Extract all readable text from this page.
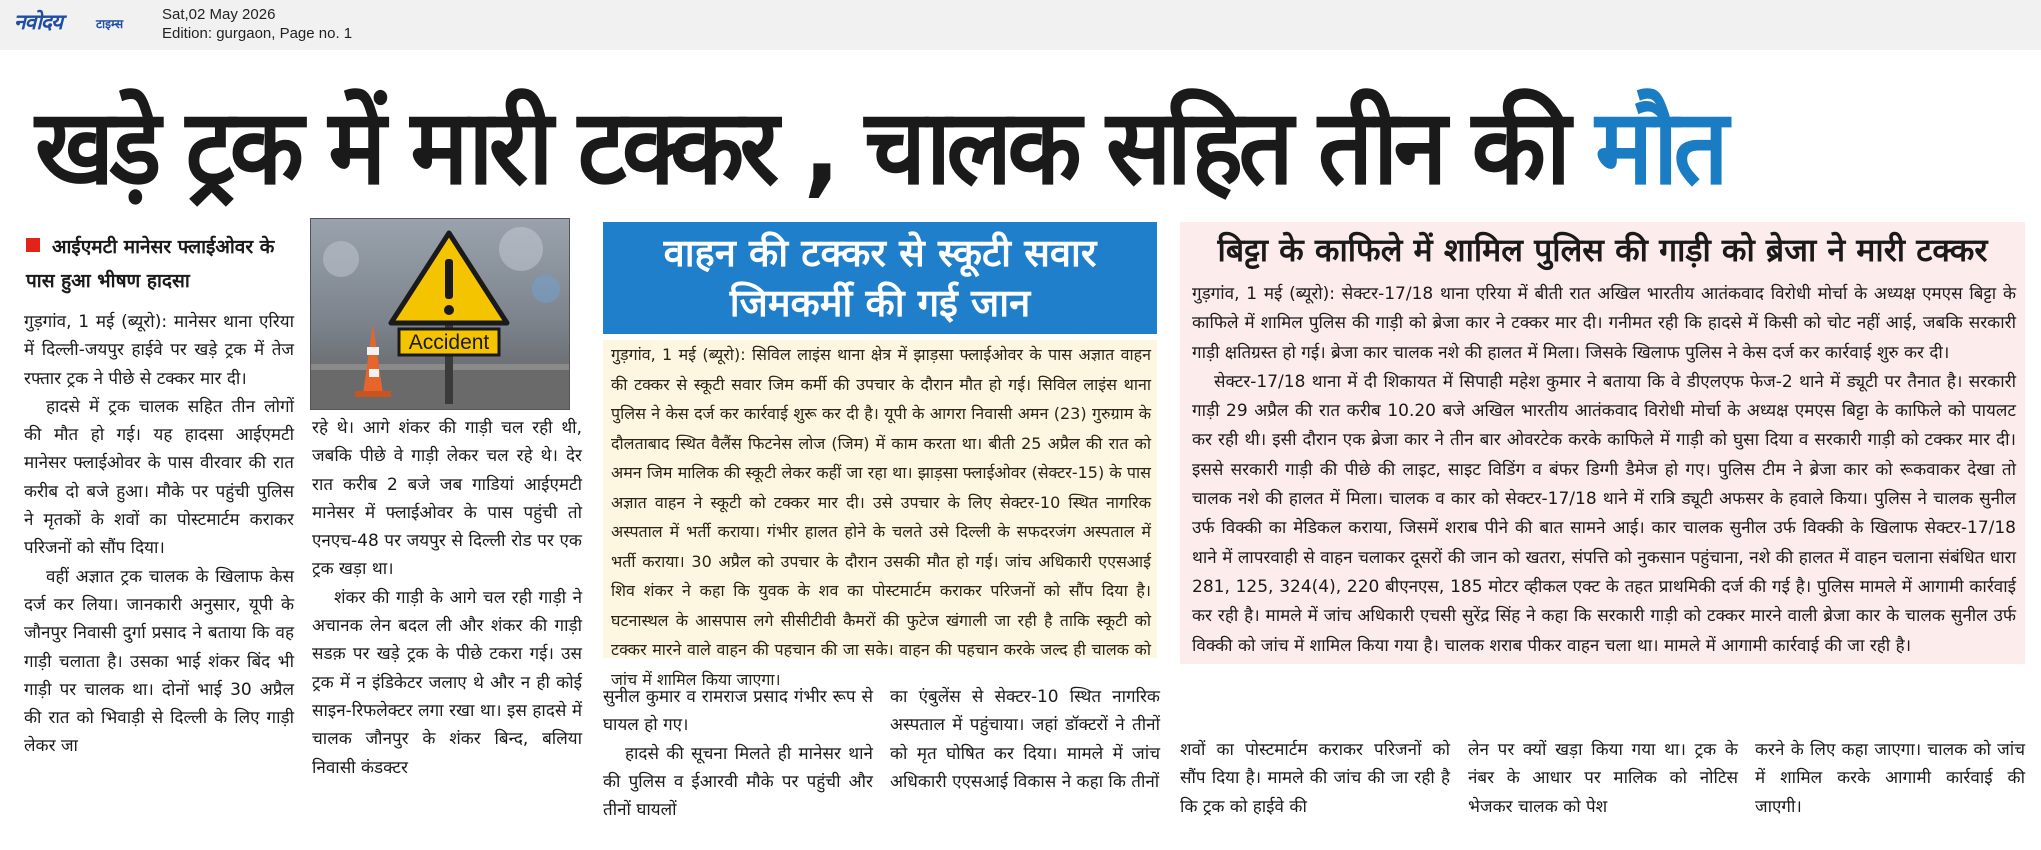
नवोदय	टाइम्स
Sat,02 May 2026
Edition: gurgaon, Page no. 1
खड़े ट्रक में मारी टक्कर , चालक सहित तीन की मौत
आईएमटी मानेसर फ्लाईओवर के पास हुआ भीषण हादसा

गुड़गांव, 1 मई (ब्यूरो): मानेसर थाना एरिया में दिल्ली-जयपुर हाईवे पर खड़े ट्रक में तेज रफ्तार ट्रक ने पीछे से टक्कर मार दी।

हादसे में ट्रक चालक सहित तीन लोगों की मौत हो गई। यह हादसा आईएमटी मानेसर फ्लाईओवर के पास वीरवार की रात करीब दो बजे हुआ। मौके पर पहुंची पुलिस ने मृतकों के शवों का पोस्टमार्टम कराकर परिजनों को सौंप दिया।

वहीं अज्ञात ट्रक चालक के खिलाफ केस दर्ज कर लिया। जानकारी अनुसार, यूपी के जौनपुर निवासी दुर्गा प्रसाद ने बताया कि वह गाड़ी चलाता है। उसका भाई शंकर बिंद भी गाड़ी पर चालक था। दोनों भाई 30 अप्रैल की रात को भिवाड़ी से दिल्ली के लिए गाड़ी लेकर जा

Accident

रहे थे। आगे शंकर की गाड़ी चल रही थी, जबकि पीछे वे गाड़ी लेकर चल रहे थे। देर रात करीब 2 बजे जब गाडियां आईएमटी मानेसर में फ्लाईओवर के पास पहुंची तो एनएच-48 पर जयपुर से दिल्ली रोड पर एक ट्रक खड़ा था।

शंकर की गाड़ी के आगे चल रही गाड़ी ने अचानक लेन बदल ली और शंकर की गाड़ी सडक़ पर खड़े ट्रक के पीछे टकरा गई। उस ट्रक में न इंडिकेटर जलाए थे और न ही कोई साइन-रिफलेक्टर लगा रखा था। इस हादसे में चालक जौनपुर के शंकर बिन्द, बलिया निवासी कंडक्टर

वाहन की टक्कर से स्कूटी सवार जिमकर्मी की गई जान
गुड़गांव, 1 मई (ब्यूरो): सिविल लाइंस थाना क्षेत्र में झाड़सा फ्लाईओवर के पास अज्ञात वाहन की टक्कर से स्कूटी सवार जिम कर्मी की उपचार के दौरान मौत हो गई। सिविल लाइंस थाना पुलिस ने केस दर्ज कर कार्रवाई शुरू कर दी है। यूपी के आगरा निवासी अमन (23) गुरुग्राम के दौलताबाद स्थित वैलैंस फिटनेस लोज (जिम) में काम करता था। बीती 25 अप्रैल की रात को अमन जिम मालिक की स्कूटी लेकर कहीं जा रहा था। झाड़सा फ्लाईओवर (सेक्टर-15) के पास अज्ञात वाहन ने स्कूटी को टक्कर मार दी। उसे उपचार के लिए सेक्टर-10 स्थित नागरिक अस्पताल में भर्ती कराया। गंभीर हालत होने के चलते उसे दिल्ली के सफदरजंग अस्पताल में भर्ती कराया। 30 अप्रैल को उपचार के दौरान उसकी मौत हो गई। जांच अधिकारी एएसआई शिव शंकर ने कहा कि युवक के शव का पोस्टमार्टम कराकर परिजनों को सौंप दिया है। घटनास्थल के आसपास लगे सीसीटीवी कैमरों की फुटेज खंगाली जा रही है ताकि स्कूटी को टक्कर मारने वाले वाहन की पहचान की जा सके। वाहन की पहचान करके जल्द ही चालक को जांच में शामिल किया जाएगा।

सुनील कुमार व रामराज प्रसाद गंभीर रूप से घायल हो गए।

हादसे की सूचना मिलते ही मानेसर थाने की पुलिस व ईआरवी मौके पर पहुंची और तीनों घायलों

का एंबुलेंस से सेक्टर-10 स्थित नागरिक अस्पताल में पहुंचाया। जहां डॉक्टरों ने तीनों को मृत घोषित कर दिया। मामले में जांच अधिकारी एएसआई विकास ने कहा कि तीनों

बिट्टा के काफिले में शामिल पुलिस की गाड़ी को ब्रेजा ने मारी टक्कर

गुड़गांव, 1 मई (ब्यूरो): सेक्टर-17/18 थाना एरिया में बीती रात अखिल भारतीय आतंकवाद विरोधी मोर्चा के अध्यक्ष एमएस बिट्टा के काफिले में शामिल पुलिस की गाड़ी को ब्रेजा कार ने टक्कर मार दी। गनीमत रही कि हादसे में किसी को चोट नहीं आई, जबकि सरकारी गाड़ी क्षतिग्रस्त हो गई। ब्रेजा कार चालक नशे की हालत में मिला। जिसके खिलाफ पुलिस ने केस दर्ज कर कार्रवाई शुरु कर दी।

सेक्टर-17/18 थाना में दी शिकायत में सिपाही महेश कुमार ने बताया कि वे डीएलएफ फेज-2 थाने में ड्यूटी पर तैनात है। सरकारी गाड़ी 29 अप्रैल की रात करीब 10.20 बजे अखिल भारतीय आतंकवाद विरोधी मोर्चा के अध्यक्ष एमएस बिट्टा के काफिले को पायलट कर रही थी। इसी दौरान एक ब्रेजा कार ने तीन बार ओवरटेक करके काफिले में गाड़ी को घुसा दिया व सरकारी गाड़ी को टक्कर मार दी। इससे सरकारी गाड़ी की पीछे की लाइट, साइट विडिंग व बंफर डिग्गी डैमेज हो गए। पुलिस टीम ने ब्रेजा कार को रूकवाकर देखा तो चालक नशे की हालत में मिला। चालक व कार को सेक्टर-17/18 थाने में रात्रि ड्यूटी अफसर के हवाले किया। पुलिस ने चालक सुनील उर्फ विक्की का मेडिकल कराया, जिसमें शराब पीने की बात सामने आई। कार चालक सुनील उर्फ विक्की के खिलाफ सेक्टर-17/18 थाने में लापरवाही से वाहन चलाकर दूसरों की जान को खतरा, संपत्ति को नुकसान पहुंचाना, नशे की हालत में वाहन चलाना संबंधित धारा 281, 125, 324(4), 220 बीएनएस, 185 मोटर व्हीकल एक्ट के तहत प्राथमिकी दर्ज की गई है। पुलिस मामले में आगामी कार्रवाई कर रही है। मामले में जांच अधिकारी एचसी सुरेंद्र सिंह ने कहा कि सरकारी गाड़ी को टक्कर मारने वाली ब्रेजा कार के चालक सुनील उर्फ विक्की को जांच में शामिल किया गया है। चालक शराब पीकर वाहन चला था। मामले में आगामी कार्रवाई की जा रही है।

शवों का पोस्टमार्टम कराकर परिजनों को सौंप दिया है। मामले की जांच की जा रही है कि ट्रक को हाईवे की

लेन पर क्यों खड़ा किया गया था। ट्रक के नंबर के आधार पर मालिक को नोटिस भेजकर चालक को पेश

करने के लिए कहा जाएगा। चालक को जांच में शामिल करके आगामी कार्रवाई की जाएगी।
